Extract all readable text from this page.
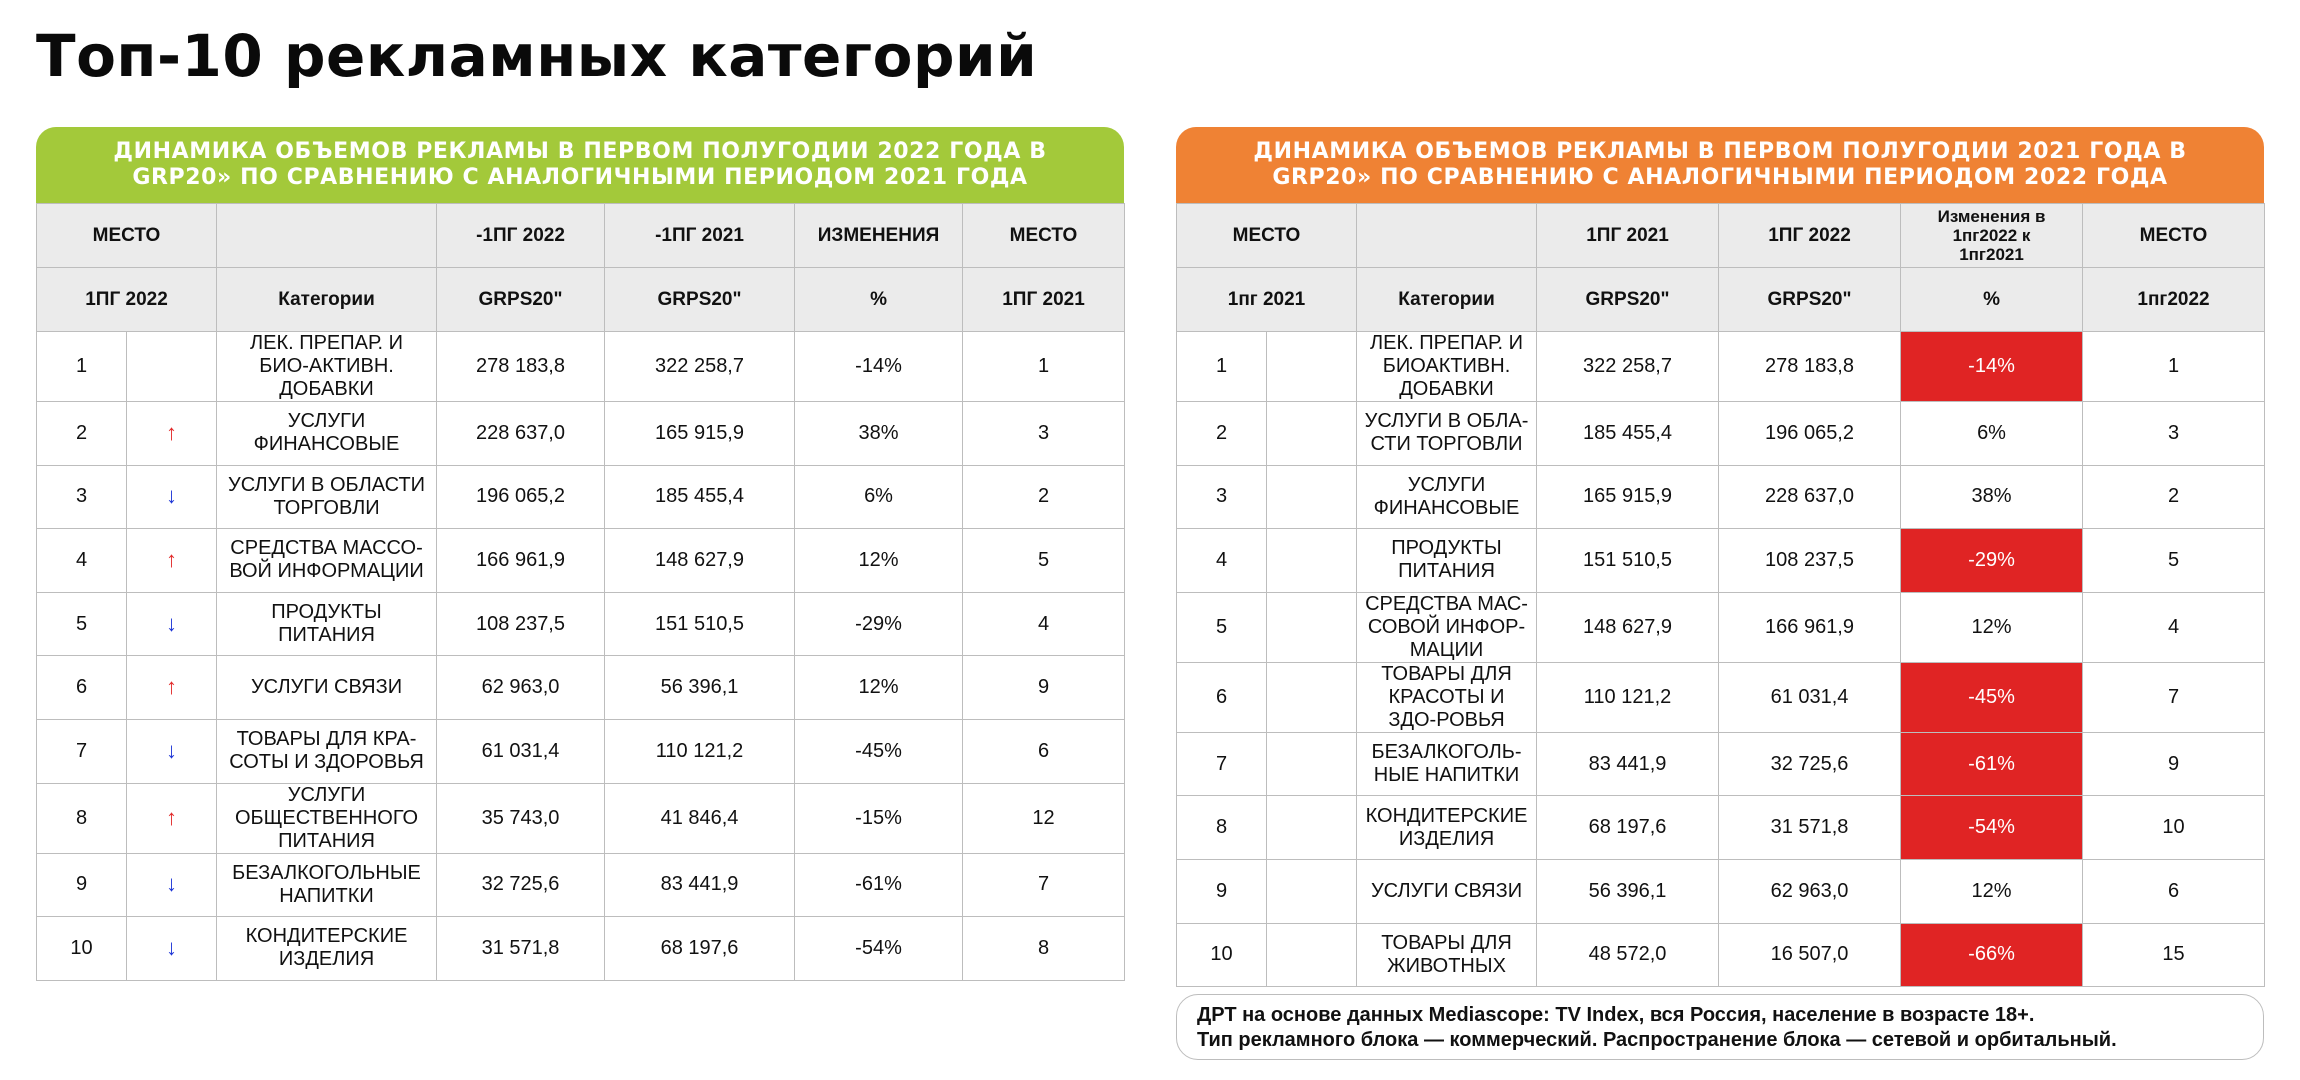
Топ-10 рекламных категорий
ДИНАМИКА ОБЪЕМОВ РЕКЛАМЫ В ПЕРВОМ ПОЛУГОДИИ 2022 ГОДА В GRP20» ПО СРАВНЕНИЮ С АНАЛОГИЧНЫМИ ПЕРИОДОМ 2021 ГОДА
МЕСТО			-1ПГ 2022	-1ПГ 2021	ИЗМЕНЕНИЯ	МЕСТО
1ПГ 2022		Категории	GRPS20"	GRPS20"	%	1ПГ 2021
1		ЛЕК. ПРЕПАР. И БИО-АКТИВН. ДОБАВКИ	278 183,8	322 258,7	-14%	1
2	↑	УСЛУГИ ФИНАНСОВЫЕ	228 637,0	165 915,9	38%	3
3	↓	УСЛУГИ В ОБЛАСТИ ТОРГОВЛИ	196 065,2	185 455,4	6%	2
4	↑	СРЕДСТВА МАССО-ВОЙ ИНФОРМАЦИИ	166 961,9	148 627,9	12%	5
5	↓	ПРОДУКТЫ ПИТАНИЯ	108 237,5	151 510,5	-29%	4
6	↑	УСЛУГИ СВЯЗИ	62 963,0	56 396,1	12%	9
7	↓	ТОВАРЫ ДЛЯ КРА-СОТЫ И ЗДОРОВЬЯ	61 031,4	110 121,2	-45%	6
8	↑	УСЛУГИ ОБЩЕСТВЕННОГО ПИТАНИЯ	35 743,0	41 846,4	-15%	12
9	↓	БЕЗАЛКОГОЛЬНЫЕ НАПИТКИ	32 725,6	83 441,9	-61%	7
10	↓	КОНДИТЕРСКИЕ ИЗДЕЛИЯ	31 571,8	68 197,6	-54%	8
ДИНАМИКА ОБЪЕМОВ РЕКЛАМЫ В ПЕРВОМ ПОЛУГОДИИ 2021 ГОДА В GRP20» ПО СРАВНЕНИЮ С АНАЛОГИЧНЫМИ ПЕРИОДОМ 2022 ГОДА
МЕСТО			1ПГ 2021	1ПГ 2022	Изменения в 1пг2022 к 1пг2021	МЕСТО
1пг 2021		Категории	GRPS20"	GRPS20"	%	1пг2022
1		ЛЕК. ПРЕПАР. И БИОАКТИВН. ДОБАВКИ	322 258,7	278 183,8	-14%	1
2		УСЛУГИ В ОБЛА-СТИ ТОРГОВЛИ	185 455,4	196 065,2	6%	3
3		УСЛУГИ ФИНАНСОВЫЕ	165 915,9	228 637,0	38%	2
4		ПРОДУКТЫ ПИТАНИЯ	151 510,5	108 237,5	-29%	5
5		СРЕДСТВА МАС-СОВОЙ ИНФОР-МАЦИИ	148 627,9	166 961,9	12%	4
6		ТОВАРЫ ДЛЯ КРАСОТЫ И ЗДО-РОВЬЯ	110 121,2	61 031,4	-45%	7
7		БЕЗАЛКОГОЛЬ-НЫЕ НАПИТКИ	83 441,9	32 725,6	-61%	9
8		КОНДИТЕРСКИЕ ИЗДЕЛИЯ	68 197,6	31 571,8	-54%	10
9		УСЛУГИ СВЯЗИ	56 396,1	62 963,0	12%	6
10		ТОВАРЫ ДЛЯ ЖИВОТНЫХ	48 572,0	16 507,0	-66%	15
ДРТ на основе данных Mediascope: TV Index, вся Россия, население в возрасте 18+.
Тип рекламного блока — коммерческий. Распространение блока — сетевой и орбитальный.
